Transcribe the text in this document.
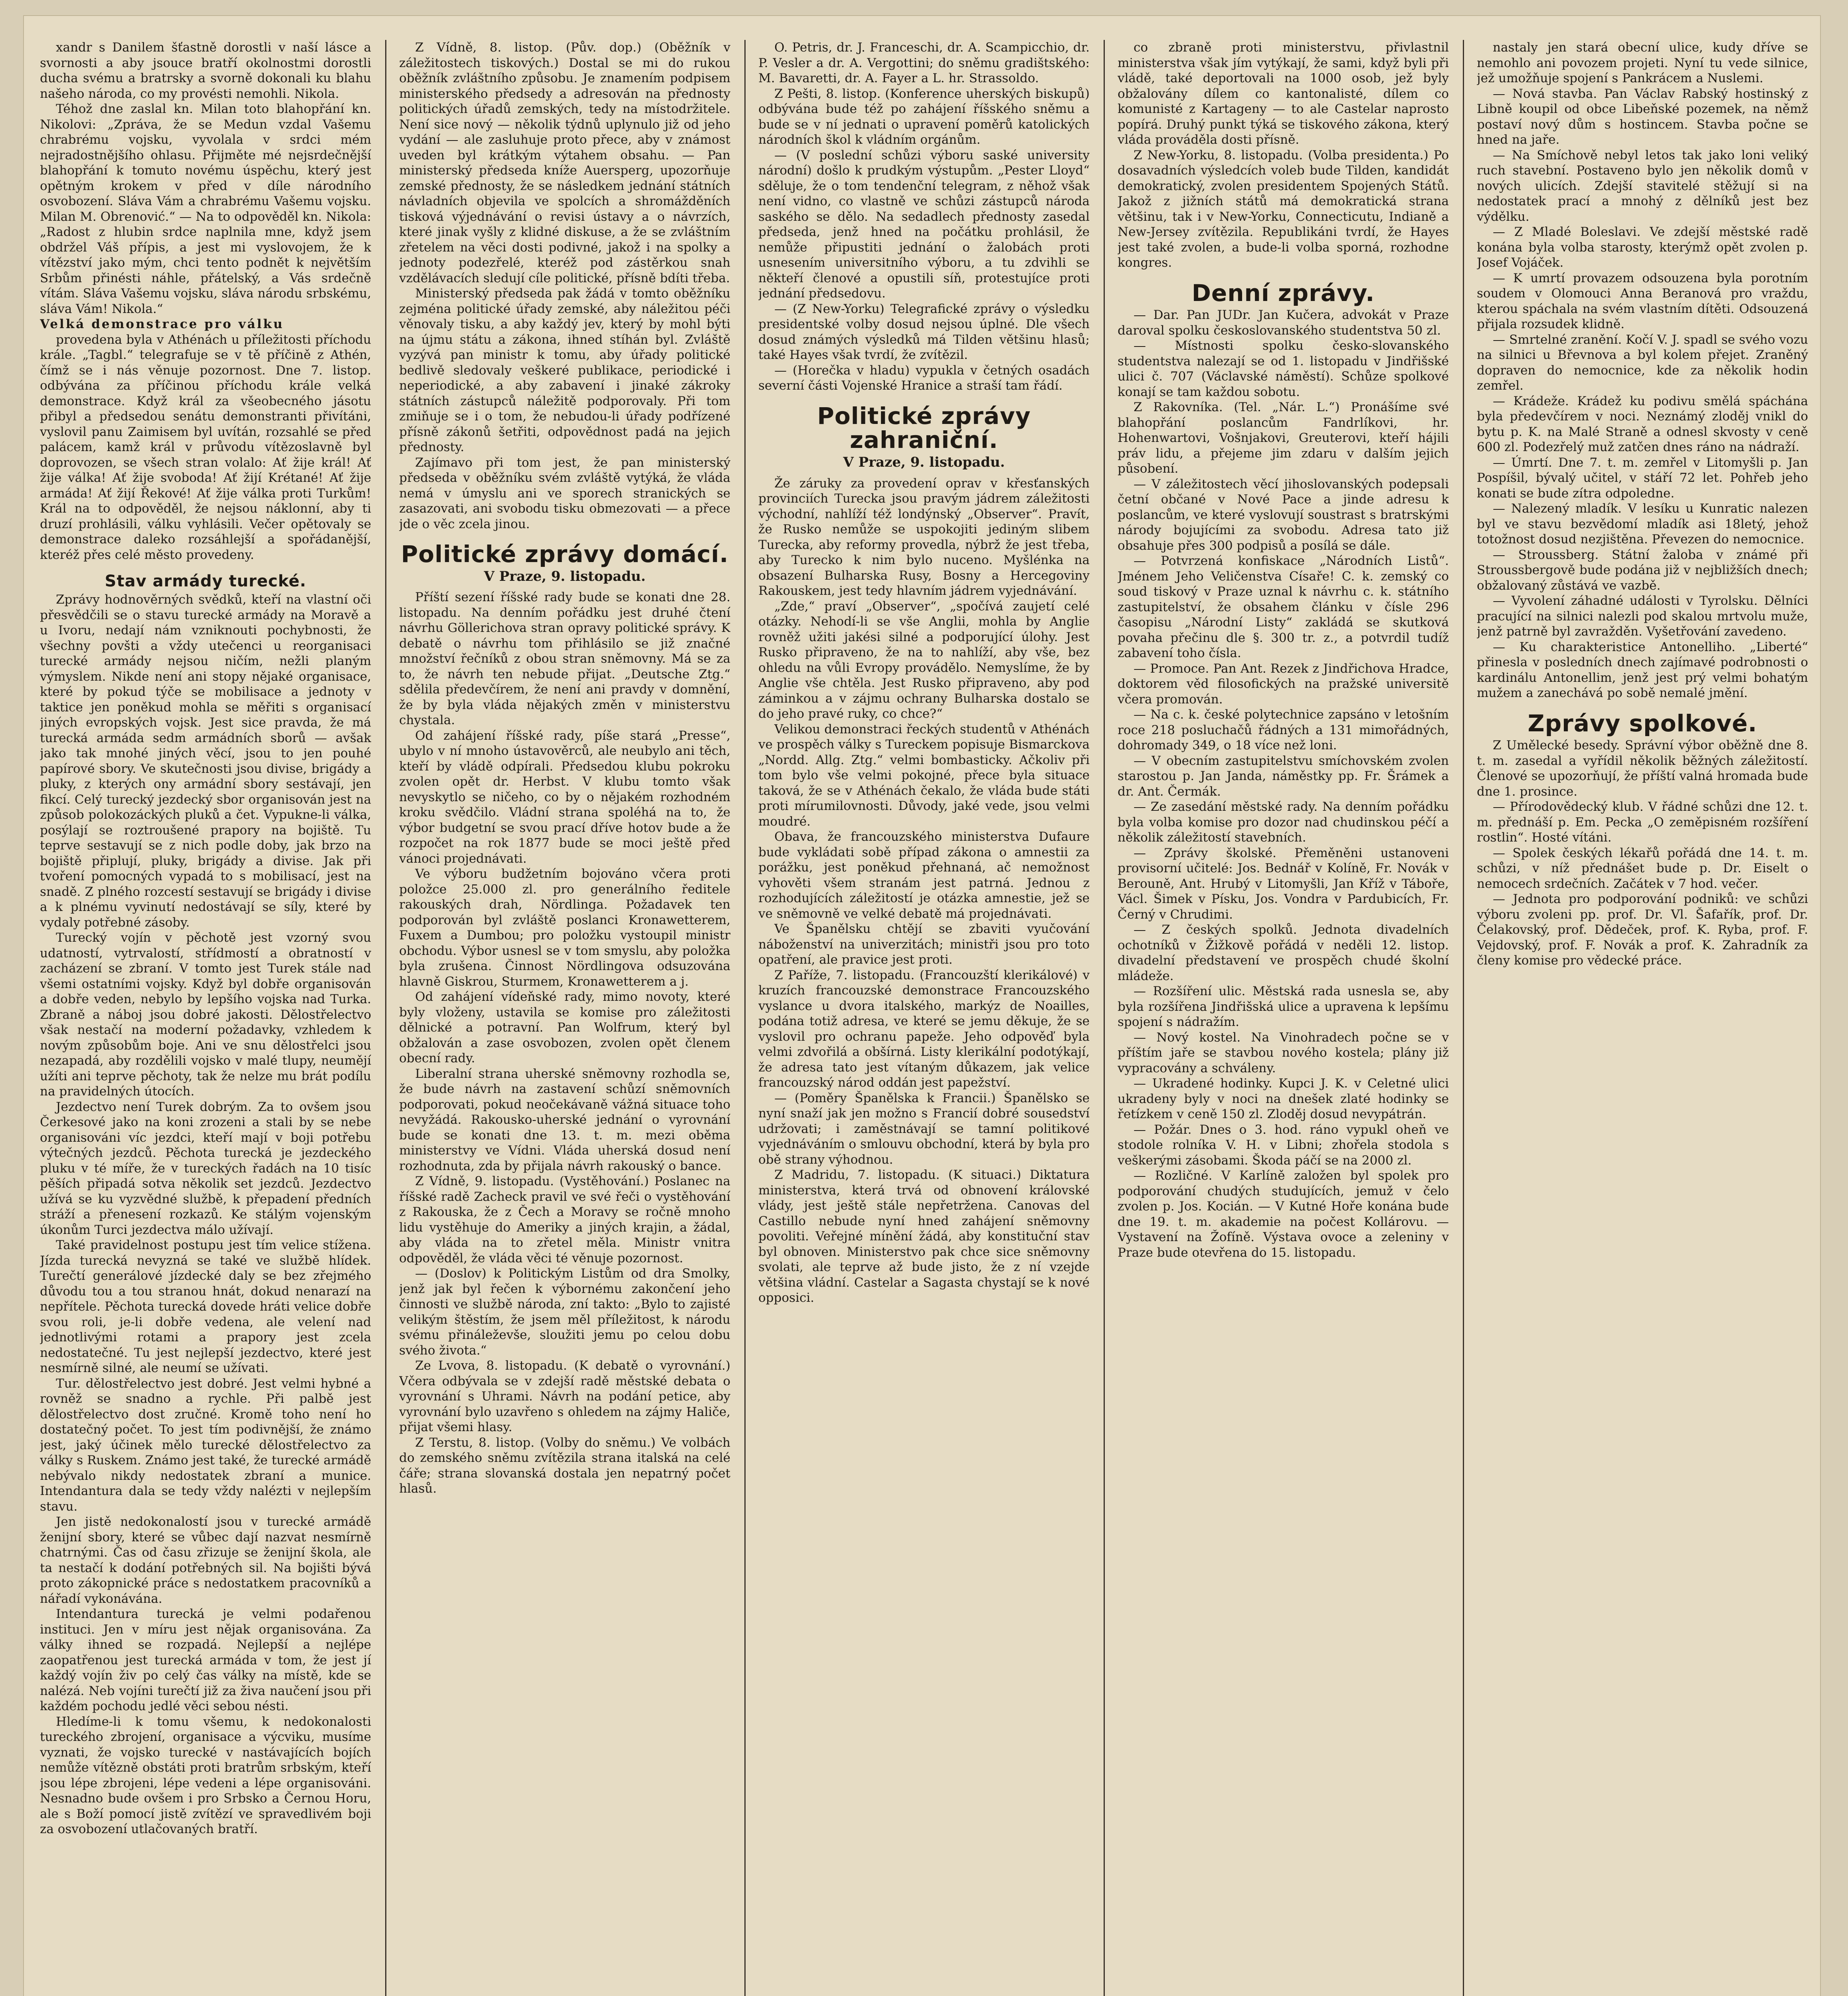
xandr s Danilem šťastně dorostli v naší lásce a svornosti a aby jsouce bratří okolnostmi dorostli ducha svému a bratrsky a svorně dokonali ku blahu našeho národa, co my provésti nemohli. Nikola.

Téhož dne zaslal kn. Milan toto blahopřání kn. Nikolovi: „Zpráva, že se Medun vzdal Vašemu chrabrému vojsku, vyvolala v srdci mém nejradostnějšího ohlasu. Přijměte mé nejsrdečnější blahopřání k tomuto novému úspěchu, který jest opětným krokem v před v díle národního osvobození. Sláva Vám a chrabrému Vašemu vojsku. Milan M. Obrenović.“ — Na to odpověděl kn. Nikola: „Radost z hlubin srdce naplnila mne, když jsem obdržel Váš přípis, a jest mi vyslovojem, že k vítězství jako mým, chci tento podnět k největším Srbům přinésti náhle, přátelský, a Vás srdečně vítám. Sláva Vašemu vojsku, sláva národu srbskému, sláva Vám! Nikola.“

Velká demonstrace pro válku

provedena byla v Athénách u příležitosti příchodu krále. „Tagbl.“ telegrafuje se v tě příčině z Athén, čímž se i nás věnuje pozornost. Dne 7. listop. odbývána za příčinou příchodu krále velká demonstrace. Když král za všeobecného jásotu přibyl a předsedou senátu demonstranti přivítáni, vyslovil panu Zaimisem byl uvítán, rozsahlé se před palácem, kamž král v průvodu vítězoslavně byl doprovozen, se všech stran volalo: Ať žije král! Ať žije válka! Ať žije svoboda! Ať žijí Krétané! Ať žije armáda! Ať žijí Řekové! Ať žije válka proti Turkům! Král na to odpověděl, že nejsou náklonní, aby ti druzí prohlásili, válku vyhlásili. Večer opětovaly se demonstrace daleko rozsáhlejší a spořádanější, kteréž přes celé město provedeny.

Stav armády turecké.

Zprávy hodnověrných svědků, kteří na vlastní oči přesvědčili se o stavu turecké armády na Moravě a u Ivoru, nedají nám vzniknouti pochybnosti, že všechny povšti a vždy utečenci u reorganisaci turecké armády nejsou ničím, nežli planým výmyslem. Nikde není ani stopy nějaké organisace, které by pokud týče se mobilisace a jednoty v taktice jen poněkud mohla se měřiti s organisací jiných evropských vojsk. Jest sice pravda, že má turecká armáda sedm armádních sborů — avšak jako tak mnohé jiných věcí, jsou to jen pouhé papírové sbory. Ve skutečnosti jsou divise, brigády a pluky, z kterých ony armádní sbory sestávají, jen fikcí. Celý turecký jezdecký sbor organisován jest na způsob polokozáckých pluků a čet. Vypukne-li válka, posýlají se roztroušené prapory na bojiště. Tu teprve sestavují se z nich podle doby, jak brzo na bojiště připlují, pluky, brigády a divise. Jak při tvoření pomocných vypadá to s mobilisací, jest na snadě. Z plného rozcestí sestavují se brigády i divise a k plnému vyvinutí nedostávají se síly, které by vydaly potřebné zásoby.

Turecký vojín v pěchotě jest vzorný svou udatností, vytrvalostí, střídmostí a obratností v zacházení se zbraní. V tomto jest Turek stále nad všemi ostatními vojsky. Když byl dobře organisován a dobře veden, nebylo by lepšího vojska nad Turka. Zbraně a náboj jsou dobré jakosti. Dělostřelectvo však nestačí na moderní požadavky, vzhledem k novým způsobům boje. Ani ve snu dělostřelci jsou nezapadá, aby rozdělili vojsko v malé tlupy, neumějí užíti ani teprve pěchoty, tak že nelze mu brát podílu na pravidelných útocích.

Jezdectvo není Turek dobrým. Za to ovšem jsou Čerkesové jako na koni zrozeni a stali by se nebe organisováni víc jezdci, kteří mají v boji potřebu výtečných jezdců. Pěchota turecká je jezdeckého pluku v té míře, že v tureckých řadách na 10 tisíc pěších připadá sotva několik set jezdců. Jezdectvo užívá se ku vyzvědné službě, k přepadení předních stráží a přenesení rozkazů. Ke stálým vojenským úkonům Turci jezdectva málo užívají.

Také pravidelnost postupu jest tím velice stížena. Jízda turecká nevyzná se také ve službě hlídek. Turečtí generálové jízdecké daly se bez zřejmého důvodu tou a tou stranou hnát, dokud nenarazí na nepřítele. Pěchota turecká dovede hráti velice dobře svou roli, je-li dobře vedena, ale velení nad jednotlivými rotami a prapory jest zcela nedostatečné. Tu jest nejlepší jezdectvo, které jest nesmírně silné, ale neumí se užívati.

Tur. dělostřelectvo jest dobré. Jest velmi hybné a rovněž se snadno a rychle. Při palbě jest dělostřelectvo dost zručné. Kromě toho není ho dostatečný počet. To jest tím podivnější, že známo jest, jaký účinek mělo turecké dělostřelectvo za války s Ruskem. Známo jest také, že turecké armádě nebývalo nikdy nedostatek zbraní a munice. Intendantura dala se tedy vždy nalézti v nejlepším stavu.

Jen jistě nedokonalostí jsou v turecké armádě ženijní sbory, které se vůbec dají nazvat nesmírně chatrnými. Čas od času zřizuje se ženijní škola, ale ta nestačí k dodání potřebných sil. Na bojišti bývá proto zákopnické práce s nedostatkem pracovníků a nářadí vykonávána.

Intendantura turecká je velmi podařenou instituci. Jen v míru jest nějak organisována. Za války ihned se rozpadá. Nejlepší a nejlépe zaopatřenou jest turecká armáda v tom, že jest jí každý vojín živ po celý čas války na místě, kde se nalézá. Neb vojíni turečtí již za živa naučení jsou při každém pochodu jedlé věci sebou nésti.

Hledíme-li k tomu všemu, k nedokonalosti tureckého zbrojení, organisace a výcviku, musíme vyznati, že vojsko turecké v nastávajících bojích nemůže vítězně obstáti proti bratrům srbským, kteří jsou lépe zbrojeni, lépe vedeni a lépe organisováni. Nesnadno bude ovšem i pro Srbsko a Černou Horu, ale s Boží pomocí jistě zvítězí ve spravedlivém boji za osvobození utlačovaných bratří.

Z Vídně, 8. listop. (Pův. dop.) (Oběžník v záležitostech tiskových.) Dostal se mi do rukou oběžník zvláštního způsobu. Je znamením podpisem ministerského předsedy a adresován na přednosty politických úřadů zemských, tedy na místodržitele. Není sice nový — několik týdnů uplynulo již od jeho vydání — ale zasluhuje proto přece, aby v známost uveden byl krátkým výtahem obsahu. — Pan ministerský předseda kníže Auersperg, upozorňuje zemské přednosty, že se následkem jednání státních návladních objevila ve spolcích a shromážděních tisková výjednávání o revisi ústavy a o návrzích, které jinak vyšly z klidné diskuse, a že se zvláštním zřetelem na věci dosti podivné, jakož i na spolky a jednoty podezřelé, kteréž pod zástěrkou snah vzdělávacích sledují cíle politické, přísně bdíti třeba.

Ministerský předseda pak žádá v tomto oběžníku zejména politické úřady zemské, aby náležitou péči věnovaly tisku, a aby každý jev, který by mohl býti na újmu státu a zákona, ihned stíhán byl. Zvláště vyzývá pan ministr k tomu, aby úřady politické bedlivě sledovaly veškeré publikace, periodické i neperiodické, a aby zabavení i jinaké zákroky státních zástupců náležitě podporovaly. Při tom zmiňuje se i o tom, že nebudou-li úřady podřízené přísně zákonů šetřiti, odpovědnost padá na jejich přednosty.

Zajímavo při tom jest, že pan ministerský předseda v oběžníku svém zvláště vytýká, že vláda nemá v úmyslu ani ve sporech stranických se zasazovati, ani svobodu tisku obmezovati — a přece jde o věc zcela jinou.

Politické zprávy domácí.
V Praze, 9. listopadu.

Příští sezení říšské rady bude se konati dne 28. listopadu. Na denním pořádku jest druhé čtení návrhu Göllerichova stran opravy politické správy. K debatě o návrhu tom přihlásilo se již značné množství řečníků z obou stran sněmovny. Má se za to, že návrh ten nebude přijat. „Deutsche Ztg.“ sdělila předevčírem, že není ani pravdy v domnění, že by byla vláda nějakých změn v ministerstvu chystala.

Od zahájení říšské rady, píše stará „Presse“, ubylo v ní mnoho ústavověrců, ale neubylo ani těch, kteří by vládě odpírali. Předsedou klubu pokroku zvolen opět dr. Herbst. V klubu tomto však nevyskytlo se ničeho, co by o nějakém rozhodném kroku svědčilo. Vládní strana spoléhá na to, že výbor budgetní se svou prací dříve hotov bude a že rozpočet na rok 1877 bude se moci ještě před vánoci projednávati.

Ve výboru budžetním bojováno včera proti položce 25.000 zl. pro generálního ředitele rakouských drah, Nördlinga. Požadavek ten podporován byl zvláště poslanci Kronawetterem, Fuxem a Dumbou; pro položku vystoupil ministr obchodu. Výbor usnesl se v tom smyslu, aby položka byla zrušena. Činnost Nördlingova odsuzována hlavně Giskrou, Sturmem, Kronawetterem a j.

Od zahájení vídeňské rady, mimo novoty, které byly vloženy, ustavila se komise pro záležitosti dělnické a potravní. Pan Wolfrum, který byl obžalován a zase osvobozen, zvolen opět členem obecní rady.

Liberalní strana uherské sněmovny rozhodla se, že bude návrh na zastavení schůzí sněmovních podporovati, pokud neočekávaně vážná situace toho nevyžádá. Rakousko-uherské jednání o vyrovnání bude se konati dne 13. t. m. mezi oběma ministerstvy ve Vídni. Vláda uherská dosud není rozhodnuta, zda by přijala návrh rakouský o bance.

Z Vídně, 9. listopadu. (Vystěhování.) Poslanec na říšské radě Zacheck pravil ve své řeči o vystěhování z Rakouska, že z Čech a Moravy se ročně mnoho lidu vystěhuje do Ameriky a jiných krajin, a žádal, aby vláda na to zřetel měla. Ministr vnitra odpověděl, že vláda věci té věnuje pozornost.

— (Doslov) k Politickým Listům od dra Smolky, jenž jak byl řečen k výbornému zakončení jeho činnosti ve službě národa, zní takto: „Bylo to zajisté velikým štěstím, že jsem měl příležitost, k národu svému přináleževše, sloužiti jemu po celou dobu svého života.“

Ze Lvova, 8. listopadu. (K debatě o vyrovnání.) Včera odbývala se v zdejší radě městské debata o vyrovnání s Uhrami. Návrh na podání petice, aby vyrovnání bylo uzavřeno s ohledem na zájmy Haliče, přijat všemi hlasy.

Z Terstu, 8. listop. (Volby do sněmu.) Ve volbách do zemského sněmu zvítězila strana italská na celé čáře; strana slovanská dostala jen nepatrný počet hlasů.

O. Petris, dr. J. Franceschi, dr. A. Scampicchio, dr. P. Vesler a dr. A. Vergottini; do sněmu gradištského: M. Bavaretti, dr. A. Fayer a L. hr. Strassoldo.

Z Pešti, 8. listop. (Konference uherských biskupů) odbývána bude též po zahájení říšského sněmu a bude se v ní jednati o upravení poměrů katolických národních škol k vládním orgánům.

— (V poslední schůzi výboru saské university národní) došlo k prudkým výstupům. „Pester Lloyd“ sděluje, že o tom tendenční telegram, z něhož však není vidno, co vlastně ve schůzi zástupců národa saského se dělo. Na sedadlech přednosty zasedal předseda, jenž hned na počátku prohlásil, že nemůže připustiti jednání o žalobách proti usnesením universitního výboru, a tu zdvihli se někteří členové a opustili síň, protestujíce proti jednání předsedovu.

— (Z New-Yorku) Telegrafické zprávy o výsledku presidentské volby dosud nejsou úplné. Dle všech dosud známých výsledků má Tilden většinu hlasů; také Hayes však tvrdí, že zvítězil.

— (Horečka v hladu) vypukla v četných osadách severní části Vojenské Hranice a straší tam řádí.

Politické zprávy zahraniční.
V Praze, 9. listopadu.

Že záruky za provedení oprav v křesťanských provinciích Turecka jsou pravým jádrem záležitosti východní, nahlíží též londýnský „Observer“. Pravít, že Rusko nemůže se uspokojiti jediným slibem Turecka, aby reformy provedla, nýbrž že jest třeba, aby Turecko k nim bylo nuceno. Myšlénka na obsazení Bulharska Rusy, Bosny a Hercegoviny Rakouskem, jest tedy hlavním jádrem vyjednávání.

„Zde,“ praví „Observer“, „spočívá zaujetí celé otázky. Nehodí-li se vše Anglii, mohla by Anglie rovněž užiti jakési silné a podporující úlohy. Jest Rusko připraveno, že na to nahlíží, aby vše, bez ohledu na vůli Evropy provádělo. Nemyslíme, že by Anglie vše chtěla. Jest Rusko připraveno, aby pod záminkou a v zájmu ochrany Bulharska dostalo se do jeho pravé ruky, co chce?“

Velikou demonstraci řeckých studentů v Athénách ve prospěch války s Tureckem popisuje Bismarckova „Nordd. Allg. Ztg.“ velmi bombasticky. Ačkoliv při tom bylo vše velmi pokojné, přece byla situace taková, že se v Athénách čekalo, že vláda bude státi proti mírumilovnosti. Důvody, jaké vede, jsou velmi moudré.

Obava, že francouzského ministerstva Dufaure bude vykládati sobě případ zákona o amnestii za porážku, jest poněkud přehnaná, ač nemožnost vyhověti všem stranám jest patrná. Jednou z rozhodujících záležitostí je otázka amnestie, jež se ve sněmovně ve velké debatě má projednávati.

Ve Španělsku chtějí se zbaviti vyučování náboženství na univerzitách; ministři jsou pro toto opatření, ale pravice jest proti.

Z Paříže, 7. listopadu. (Francouzští klerikálové) v kruzích francouzské demonstrace Francouzského vyslance u dvora italského, markýz de Noailles, podána totiž adresa, ve které se jemu děkuje, že se vyslovil pro ochranu papeže. Jeho odpověď byla velmi zdvořilá a obšírná. Listy klerikální podotýkají, že adresa tato jest vítaným důkazem, jak velice francouzský národ oddán jest papežství.

— (Poměry Španělska k Francii.) Španělsko se nyní snaží jak jen možno s Francií dobré sousedství udržovati; i zaměstnávají se tamní politikové vyjednáváním o smlouvu obchodní, která by byla pro obě strany výhodnou.

Z Madridu, 7. listopadu. (K situaci.) Diktatura ministerstva, která trvá od obnovení královské vlády, jest ještě stále nepřetržena. Canovas del Castillo nebude nyní hned zahájení sněmovny povoliti. Veřejné mínění žádá, aby konstituční stav byl obnoven. Ministerstvo pak chce sice sněmovny svolati, ale teprve až bude jisto, že z ní vzejde většina vládní. Castelar a Sagasta chystají se k nové opposici.

co zbraně proti ministerstvu, přivlastnil ministerstva však jím vytýkají, že sami, když byli při vládě, také deportovali na 1000 osob, jež byly obžalovány dílem co kantonalisté, dílem co komunisté z Kartageny — to ale Castelar naprosto popírá. Druhý punkt týká se tiskového zákona, který vláda prováděla dosti přísně.

Z New-Yorku, 8. listopadu. (Volba presidenta.) Po dosavadních výsledcích voleb bude Tilden, kandidát demokratický, zvolen presidentem Spojených Států. Jakož z jižních států má demokratická strana většinu, tak i v New-Yorku, Connecticutu, Indianě a New-Jersey zvítězila. Republikáni tvrdí, že Hayes jest také zvolen, a bude-li volba sporná, rozhodne kongres.

Denní zprávy.

— Dar. Pan JUDr. Jan Kučera, advokát v Praze daroval spolku českoslovanského studentstva 50 zl.

— Místnosti spolku česko-slovanského studentstva nalezají se od 1. listopadu v Jindřišské ulici č. 707 (Václavské náměstí). Schůze spolkové konají se tam každou sobotu.

Z Rakovníka. (Tel. „Nár. L.“) Pronášíme své blahopřání poslancům Fandrlíkovi, hr. Hohenwartovi, Vošnjakovi, Greuterovi, kteří hájili práv lidu, a přejeme jim zdaru v dalším jejich působení.

— V záležitostech věcí jihoslovanských podepsali četní občané v Nové Pace a jinde adresu k poslancům, ve které vyslovují soustrast s bratrskými národy bojujícími za svobodu. Adresa tato již obsahuje přes 300 podpisů a posílá se dále.

— Potvrzená konfiskace „Národních Listů“. Jménem Jeho Veličenstva Císaře! C. k. zemský co soud tiskový v Praze uznal k návrhu c. k. státního zastupitelství, že obsahem článku v čísle 296 časopisu „Národní Listy“ zakládá se skutková povaha přečinu dle §. 300 tr. z., a potvrdil tudíž zabavení toho čísla.

— Promoce. Pan Ant. Rezek z Jindřichova Hradce, doktorem věd filosofických na pražské universitě včera promován.

— Na c. k. české polytechnice zapsáno v letošním roce 218 posluchačů řádných a 131 mimořádných, dohromady 349, o 18 více než loni.

— V obecním zastupitelstvu smíchovském zvolen starostou p. Jan Janda, náměstky pp. Fr. Šrámek a dr. Ant. Čermák.

— Ze zasedání městské rady. Na denním pořádku byla volba komise pro dozor nad chudinskou péčí a několik záležitostí stavebních.

— Zprávy školské. Přeměněni ustanoveni provisorní učitelé: Jos. Bednář v Kolíně, Fr. Novák v Berouně, Ant. Hrubý v Litomyšli, Jan Kříž v Táboře, Václ. Šimek v Písku, Jos. Vondra v Pardubicích, Fr. Černý v Chrudimi.

— Z českých spolků. Jednota divadelních ochotníků v Žižkově pořádá v neděli 12. listop. divadelní představení ve prospěch chudé školní mládeže.

— Rozšíření ulic. Městská rada usnesla se, aby byla rozšířena Jindřišská ulice a upravena k lepšímu spojení s nádražím.

— Nový kostel. Na Vinohradech počne se v příštím jaře se stavbou nového kostela; plány již vypracovány a schváleny.

— Ukradené hodinky. Kupci J. K. v Celetné ulici ukradeny byly v noci na dnešek zlaté hodinky se řetízkem v ceně 150 zl. Zloděj dosud nevypátrán.

— Požár. Dnes o 3. hod. ráno vypukl oheň ve stodole rolníka V. H. v Libni; zhořela stodola s veškerými zásobami. Škoda páčí se na 2000 zl.

— Rozličné. V Karlíně založen byl spolek pro podporování chudých studujících, jemuž v čelo zvolen p. Jos. Kocián. — V Kutné Hoře konána bude dne 19. t. m. akademie na počest Kollárovu. — Vystavení na Žofíně. Výstava ovoce a zeleniny v Praze bude otevřena do 15. listopadu.

nastaly jen stará obecní ulice, kudy dříve se nemohlo ani povozem projeti. Nyní tu vede silnice, jež umožňuje spojení s Pankrácem a Nuslemi.

— Nová stavba. Pan Václav Rabský hostinský z Libně koupil od obce Libeňské pozemek, na němž postaví nový dům s hostincem. Stavba počne se hned na jaře.

— Na Smíchově nebyl letos tak jako loni veliký ruch stavební. Postaveno bylo jen několik domů v nových ulicích. Zdejší stavitelé stěžují si na nedostatek prací a mnohý z dělníků jest bez výdělku.

— Z Mladé Boleslavi. Ve zdejší městské radě konána byla volba starosty, kterýmž opět zvolen p. Josef Vojáček.

— K umrtí provazem odsouzena byla porotním soudem v Olomouci Anna Beranová pro vraždu, kterou spáchala na svém vlastním dítěti. Odsouzená přijala rozsudek klidně.

— Smrtelné zranění. Kočí V. J. spadl se svého vozu na silnici u Břevnova a byl kolem přejet. Zraněný dopraven do nemocnice, kde za několik hodin zemřel.

— Krádeže. Krádež ku podivu smělá spáchána byla předevčírem v noci. Neznámý zloděj vnikl do bytu p. K. na Malé Straně a odnesl skvosty v ceně 600 zl. Podezřelý muž zatčen dnes ráno na nádraží.

— Úmrtí. Dne 7. t. m. zemřel v Litomyšli p. Jan Pospíšil, bývalý učitel, v stáří 72 let. Pohřeb jeho konati se bude zítra odpoledne.

— Nalezený mladík. V lesíku u Kunratic nalezen byl ve stavu bezvědomí mladík asi 18letý, jehož totožnost dosud nezjištěna. Převezen do nemocnice.

— Stroussberg. Státní žaloba v známé při Stroussbergově bude podána již v nejbližších dnech; obžalovaný zůstává ve vazbě.

— Vyvolení záhadné události v Tyrolsku. Dělníci pracující na silnici nalezli pod skalou mrtvolu muže, jenž patrně byl zavražděn. Vyšetřování zavedeno.

— Ku charakteristice Antonelliho. „Liberté“ přinesla v posledních dnech zajímavé podrobnosti o kardinálu Antonellim, jenž jest prý velmi bohatým mužem a zanechává po sobě nemalé jmění.

Zprávy spolkové.

Z Umělecké besedy. Správní výbor oběžně dne 8. t. m. zasedal a vyřídil několik běžných záležitostí. Členové se upozorňují, že příští valná hromada bude dne 1. prosince.

— Přírodovědecký klub. V řádné schůzi dne 12. t. m. přednáší p. Em. Pecka „O zeměpisném rozšíření rostlin“. Hosté vítáni.

— Spolek českých lékařů pořádá dne 14. t. m. schůzi, v níž přednášet bude p. Dr. Eiselt o nemocech srdečních. Začátek v 7 hod. večer.

— Jednota pro podporování podniků: ve schůzi výboru zvoleni pp. prof. Dr. Vl. Šafařík, prof. Dr. Čelakovský, prof. Dědeček, prof. K. Ryba, prof. F. Vejdovský, prof. F. Novák a prof. K. Zahradník za členy komise pro vědecké práce.
